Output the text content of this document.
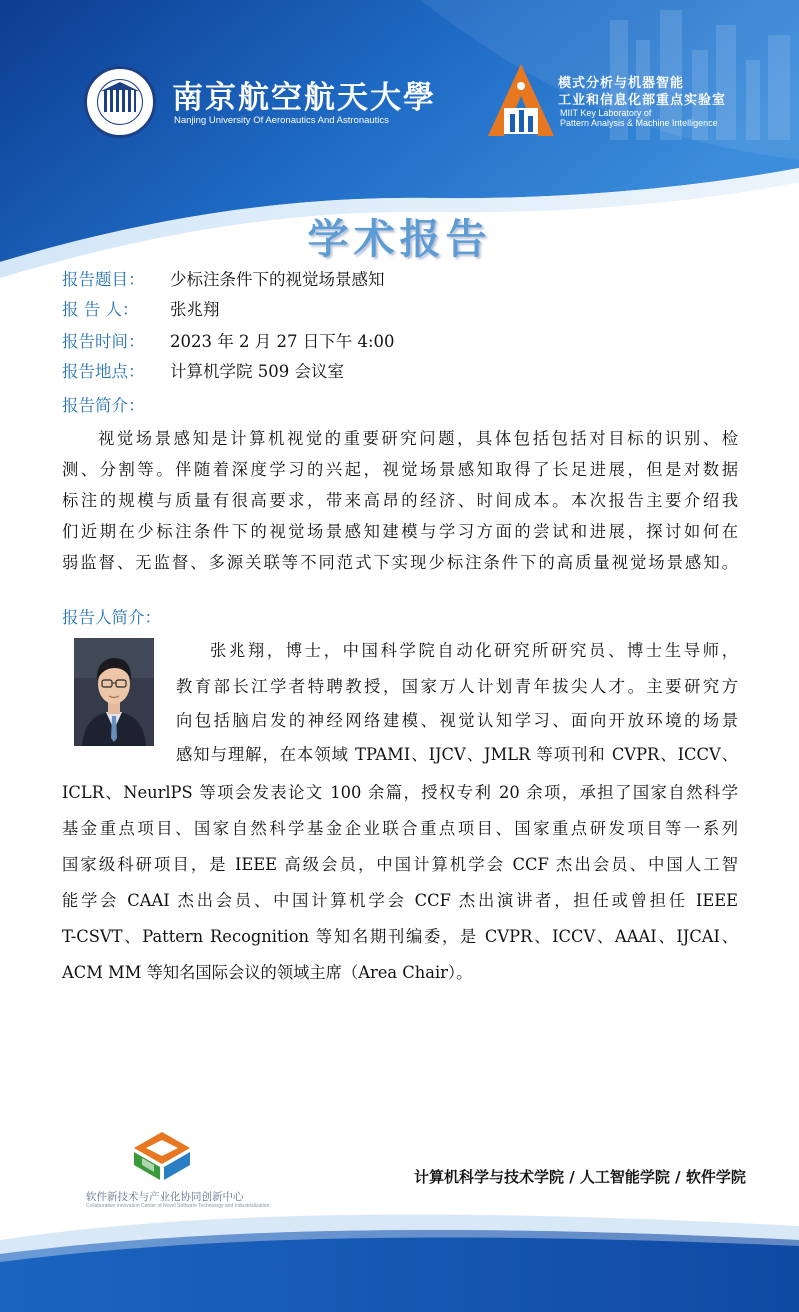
南京航空航天大學
Nanjing University Of Aeronautics And Astronautics
模式分析与机器智能
工业和信息化部重点实验室
MIIT Key Laboratory of
Pattern Analysis & Machine Intelligence
学术报告
报告题目： 少标注条件下的视觉场景感知
报 告 人： 张兆翔
报告时间： 2023 年 2 月 27 日下午 4:00
报告地点： 计算机学院 509 会议室
报告简介：
视觉场景感知是计算机视觉的重要研究问题，具体包括包括对目标的识别、检
测、分割等。伴随着深度学习的兴起，视觉场景感知取得了长足进展，但是对数据
标注的规模与质量有很高要求，带来高昂的经济、时间成本。本次报告主要介绍我
们近期在少标注条件下的视觉场景感知建模与学习方面的尝试和进展，探讨如何在
弱监督、无监督、多源关联等不同范式下实现少标注条件下的高质量视觉场景感知。
报告人简介：
张兆翔，博士，中国科学院自动化研究所研究员、博士生导师，
教育部长江学者特聘教授，国家万人计划青年拔尖人才。主要研究方
向包括脑启发的神经网络建模、视觉认知学习、面向开放环境的场景
感知与理解，在本领域 TPAMI、IJCV、JMLR 等项刊和 CVPR、ICCV、
ICLR、NeurlPS 等项会发表论文 100 余篇，授权专利 20 余项，承担了国家自然科学
基金重点项目、国家自然科学基金企业联合重点项目、国家重点研发项目等一系列
国家级科研项目，是 IEEE 高级会员，中国计算机学会 CCF 杰出会员、中国人工智
能学会 CAAI 杰出会员、中国计算机学会 CCF 杰出演讲者，担任或曾担任 IEEE
T-CSVT、Pattern Recognition 等知名期刊编委，是 CVPR、ICCV、AAAI、IJCAI、
ACM MM 等知名国际会议的领域主席（Area Chair）。
软件新技术与产业化协同创新中心
Collaborative Innovation Center of Novel Software Technology and Industrialization
计算机科学与技术学院 / 人工智能学院 / 软件学院
